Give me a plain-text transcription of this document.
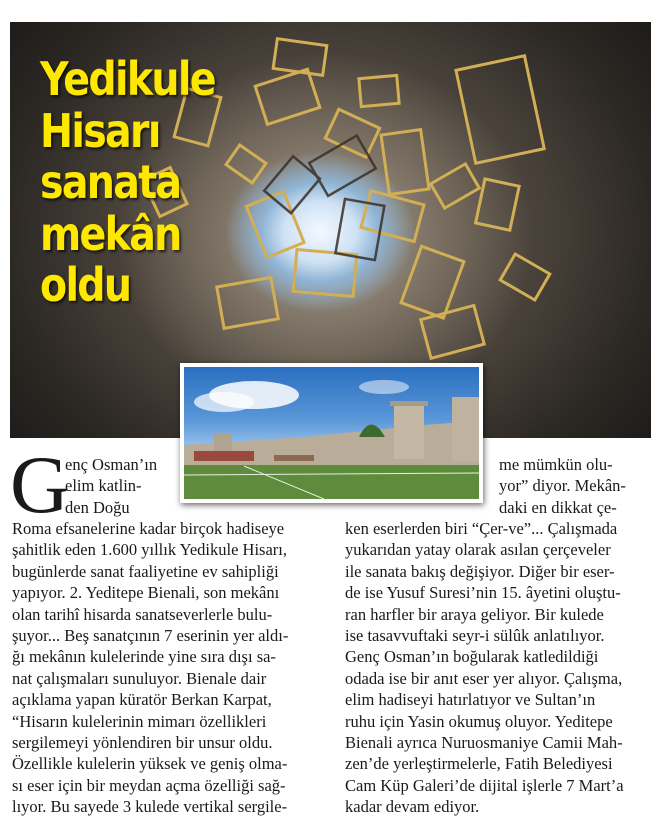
Yedikule
Hisarı
sanata
mekân
oldu
G
enç Osman’ın
elim katlin-
den Doğu
Roma efsanelerine kadar birçok hadiseye
şahitlik eden 1.600 yıllık Yedikule Hisarı,
bugünlerde sanat faaliyetine ev sahipliği
yapıyor. 2. Yeditepe Bienali, son mekânı
olan tarihî hisarda sanatseverlerle bulu-
şuyor... Beş sanatçının 7 eserinin yer aldı-
ğı mekânın kulelerinde yine sıra dışı sa-
nat çalışmaları sunuluyor. Bienale dair
açıklama yapan küratör Berkan Karpat,
“Hisarın kulelerinin mimarı özellikleri
sergilemeyi yönlendiren bir unsur oldu.
Özellikle kulelerin yüksek ve geniş olma-
sı eser için bir meydan açma özelliği sağ-
lıyor. Bu sayede 3 kulede vertikal sergile-
me mümkün olu-
yor” diyor. Mekân-
daki en dikkat çe-
ken eserlerden biri “Çer-ve”... Çalışmada
yukarıdan yatay olarak asılan çerçeveler
ile sanata bakış değişiyor. Diğer bir eser-
de ise Yusuf Suresi’nin 15. âyetini oluştu-
ran harfler bir araya geliyor. Bir kulede
ise tasavvuftaki seyr-i sülûk anlatılıyor.
Genç Osman’ın boğularak katledildiği
odada ise bir anıt eser yer alıyor. Çalışma,
elim hadiseyi hatırlatıyor ve Sultan’ın
ruhu için Yasin okumuş oluyor. Yeditepe
Bienali ayrıca Nuruosmaniye Camii Mah-
zen’de yerleştirmelerle, Fatih Belediyesi
Cam Küp Galeri’de dijital işlerle 7 Mart’a
kadar devam ediyor.
